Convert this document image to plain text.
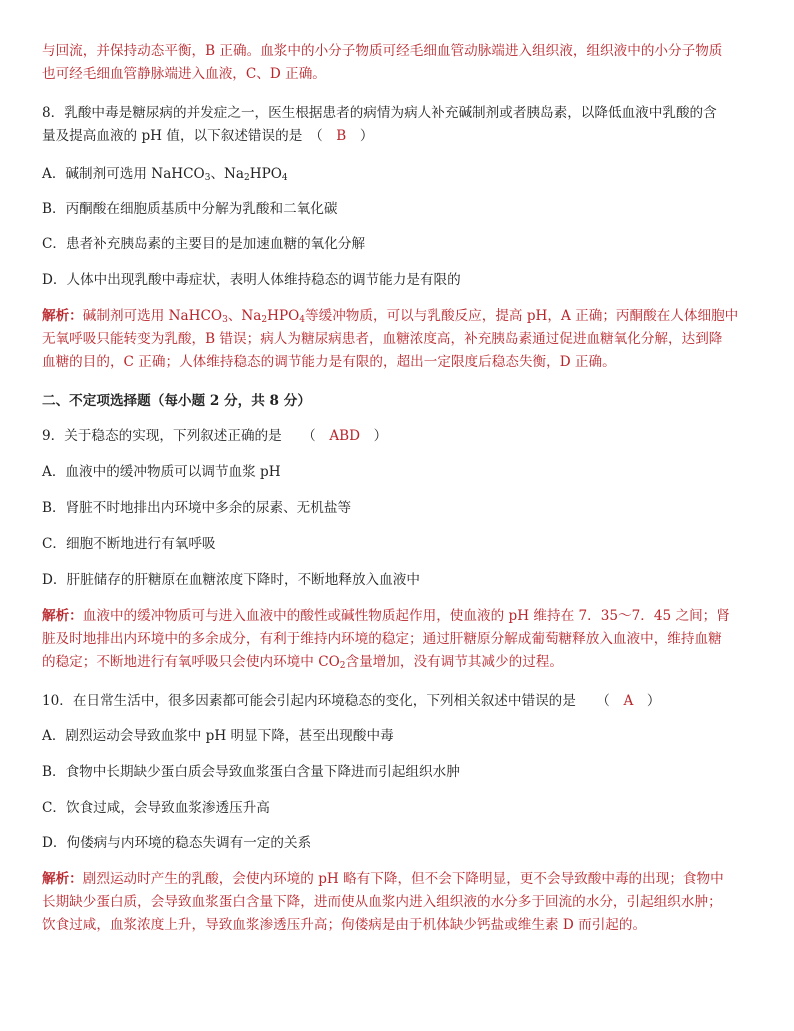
与回流，并保持动态平衡，B 正确。血浆中的小分子物质可经毛细血管动脉端进入组织液，组织液中的小分子物质
也可经毛细血管静脉端进入血液，C、D 正确。
8．乳酸中毒是糖尿病的并发症之一，医生根据患者的病情为病人补充碱制剂或者胰岛素，以降低血液中乳酸的含
量及提高血液的 pH 值，以下叙述错误的是　（　B　）
A．碱制剂可选用 NaHCO$_3$、$Na_2HPO_4$
B．丙酮酸在细胞质基质中分解为乳酸和二氧化碳
C．患者补充胰岛素的主要目的是加速血糖的氧化分解
D．人体中出现乳酸中毒症状，表明人体维持稳态的调节能力是有限的
解析：碱制剂可选用 NaHCO$_3$、$Na_2HPO_4$等缓冲物质，可以与乳酸反应，提高 pH，A 正确；丙酮酸在人体细胞中
无氧呼吸只能转变为乳酸，B 错误；病人为糖尿病患者，血糖浓度高，补充胰岛素通过促进血糖氧化分解，达到降
血糖的目的，C 正确；人体维持稳态的调节能力是有限的，超出一定限度后稳态失衡，D 正确。
二、不定项选择题（每小题 2 分，共 8 分）
9．关于稳态的实现，下列叙述正确的是　　（　ABD　）
A．血液中的缓冲物质可以调节血浆 pH
B．肾脏不时地排出内环境中多余的尿素、无机盐等
C．细胞不断地进行有氧呼吸
D．肝脏储存的肝糖原在血糖浓度下降时，不断地释放入血液中
解析：血液中的缓冲物质可与进入血液中的酸性或碱性物质起作用，使血液的 pH 维持在 7．35～7．45 之间；肾
脏及时地排出内环境中的多余成分，有利于维持内环境的稳定；通过肝糖原分解成葡萄糖释放入血液中，维持血糖
的稳定；不断地进行有氧呼吸只会使内环境中 $CO_2$含量增加，没有调节其减少的过程。
10．在日常生活中，很多因素都可能会引起内环境稳态的变化，下列相关叙述中错误的是　　（　A　）
A．剧烈运动会导致血浆中 pH 明显下降，甚至出现酸中毒
B．食物中长期缺少蛋白质会导致血浆蛋白含量下降进而引起组织水肿
C．饮食过咸，会导致血浆渗透压升高
D．佝偻病与内环境的稳态失调有一定的关系
解析：剧烈运动时产生的乳酸，会使内环境的 pH 略有下降，但不会下降明显，更不会导致酸中毒的出现；食物中
长期缺少蛋白质，会导致血浆蛋白含量下降，进而使从血浆内进入组织液的水分多于回流的水分，引起组织水肿；
饮食过咸，血浆浓度上升，导致血浆渗透压升高；佝偻病是由于机体缺少钙盐或维生素 D 而引起的。
